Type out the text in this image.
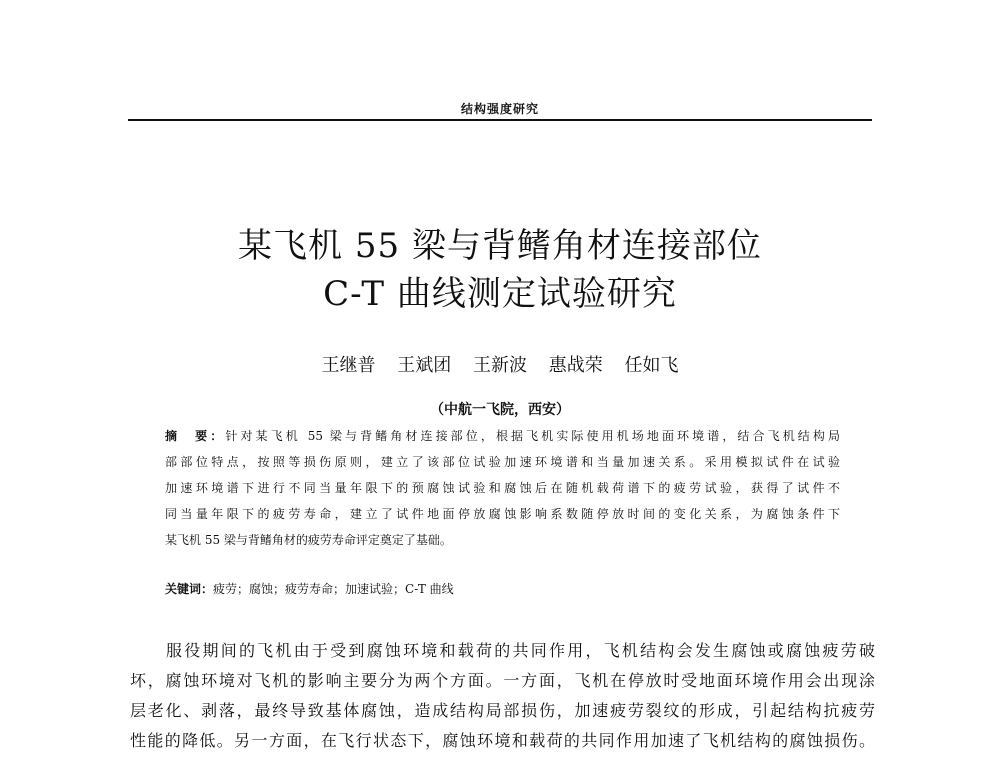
结构强度研究
某飞机 55 梁与背鳍角材连接部位
C-T 曲线测定试验研究
王继普 王斌团 王新波 惠战荣 任如飞
（中航一飞院，西安）
摘　要：针对某飞机 55 梁与背鳍角材连接部位，根据飞机实际使用机场地面环境谱，结合飞机结构局
部部位特点，按照等损伤原则，建立了该部位试验加速环境谱和当量加速关系。采用模拟试件在试验
加速环境谱下进行不同当量年限下的预腐蚀试验和腐蚀后在随机载荷谱下的疲劳试验，获得了试件不
同当量年限下的疲劳寿命，建立了试件地面停放腐蚀影响系数随停放时间的变化关系，为腐蚀条件下
某飞机 55 梁与背鳍角材的疲劳寿命评定奠定了基础。
关键词：疲劳；腐蚀；疲劳寿命；加速试验；C-T 曲线
服役期间的飞机由于受到腐蚀环境和载荷的共同作用，飞机结构会发生腐蚀或腐蚀疲劳破
坏，腐蚀环境对飞机的影响主要分为两个方面。一方面，飞机在停放时受地面环境作用会出现涂
层老化、剥落，最终导致基体腐蚀，造成结构局部损伤，加速疲劳裂纹的形成，引起结构抗疲劳
性能的降低。另一方面，在飞行状态下，腐蚀环境和载荷的共同作用加速了飞机结构的腐蚀损伤。
